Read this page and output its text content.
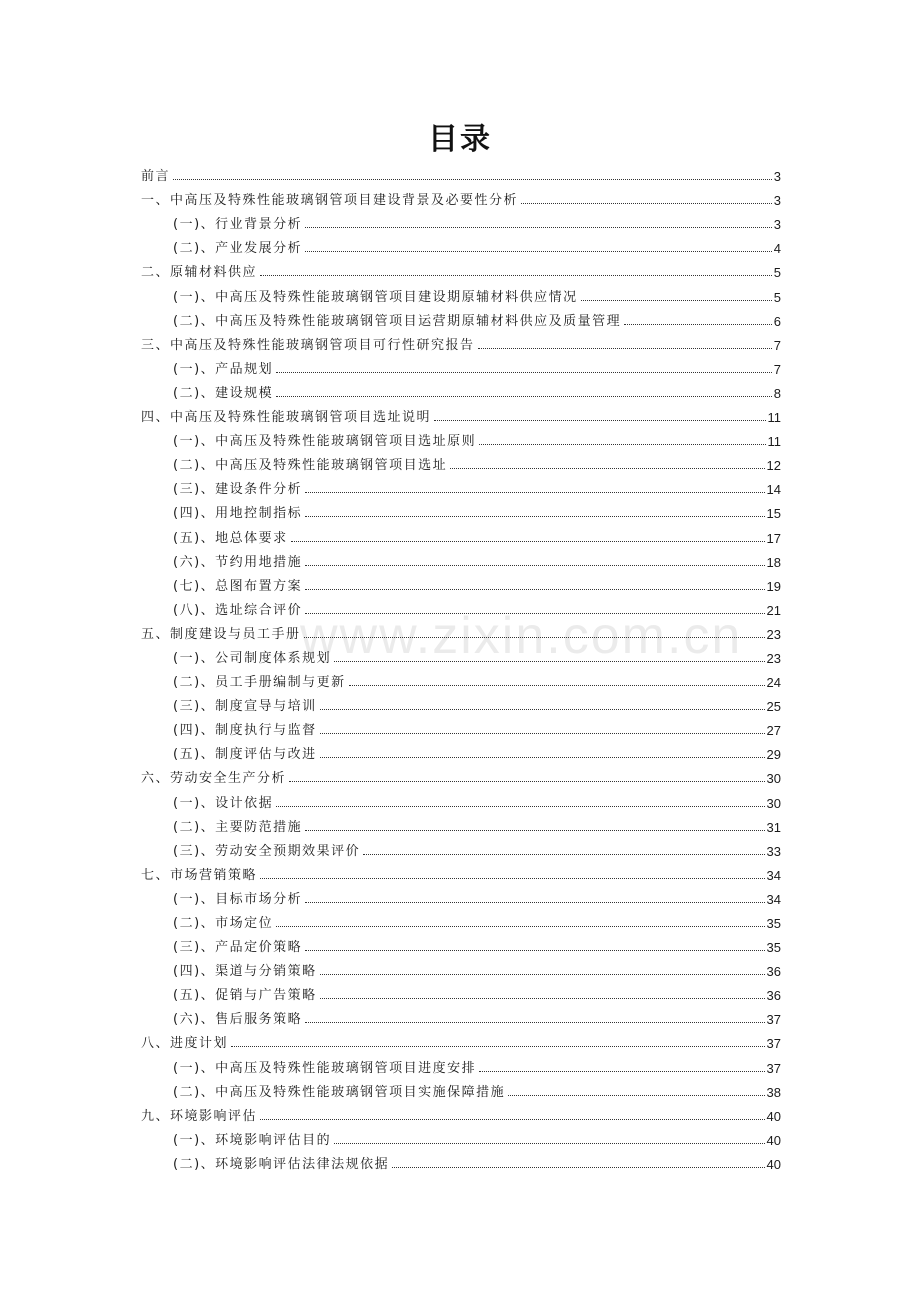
目录
www.zixin.com.cn
前言	3
一、中高压及特殊性能玻璃钢管项目建设背景及必要性分析	3
(一)、行业背景分析	3
(二)、产业发展分析	4
二、原辅材料供应	5
(一)、中高压及特殊性能玻璃钢管项目建设期原辅材料供应情况	5
(二)、中高压及特殊性能玻璃钢管项目运营期原辅材料供应及质量管理	6
三、中高压及特殊性能玻璃钢管项目可行性研究报告	7
(一)、产品规划	7
(二)、建设规模	8
四、中高压及特殊性能玻璃钢管项目选址说明	11
(一)、中高压及特殊性能玻璃钢管项目选址原则	11
(二)、中高压及特殊性能玻璃钢管项目选址	12
(三)、建设条件分析	14
(四)、用地控制指标	15
(五)、地总体要求	17
(六)、节约用地措施	18
(七)、总图布置方案	19
(八)、选址综合评价	21
五、制度建设与员工手册	23
(一)、公司制度体系规划	23
(二)、员工手册编制与更新	24
(三)、制度宣导与培训	25
(四)、制度执行与监督	27
(五)、制度评估与改进	29
六、劳动安全生产分析	30
(一)、设计依据	30
(二)、主要防范措施	31
(三)、劳动安全预期效果评价	33
七、市场营销策略	34
(一)、目标市场分析	34
(二)、市场定位	35
(三)、产品定价策略	35
(四)、渠道与分销策略	36
(五)、促销与广告策略	36
(六)、售后服务策略	37
八、进度计划	37
(一)、中高压及特殊性能玻璃钢管项目进度安排	37
(二)、中高压及特殊性能玻璃钢管项目实施保障措施	38
九、环境影响评估	40
(一)、环境影响评估目的	40
(二)、环境影响评估法律法规依据	40
